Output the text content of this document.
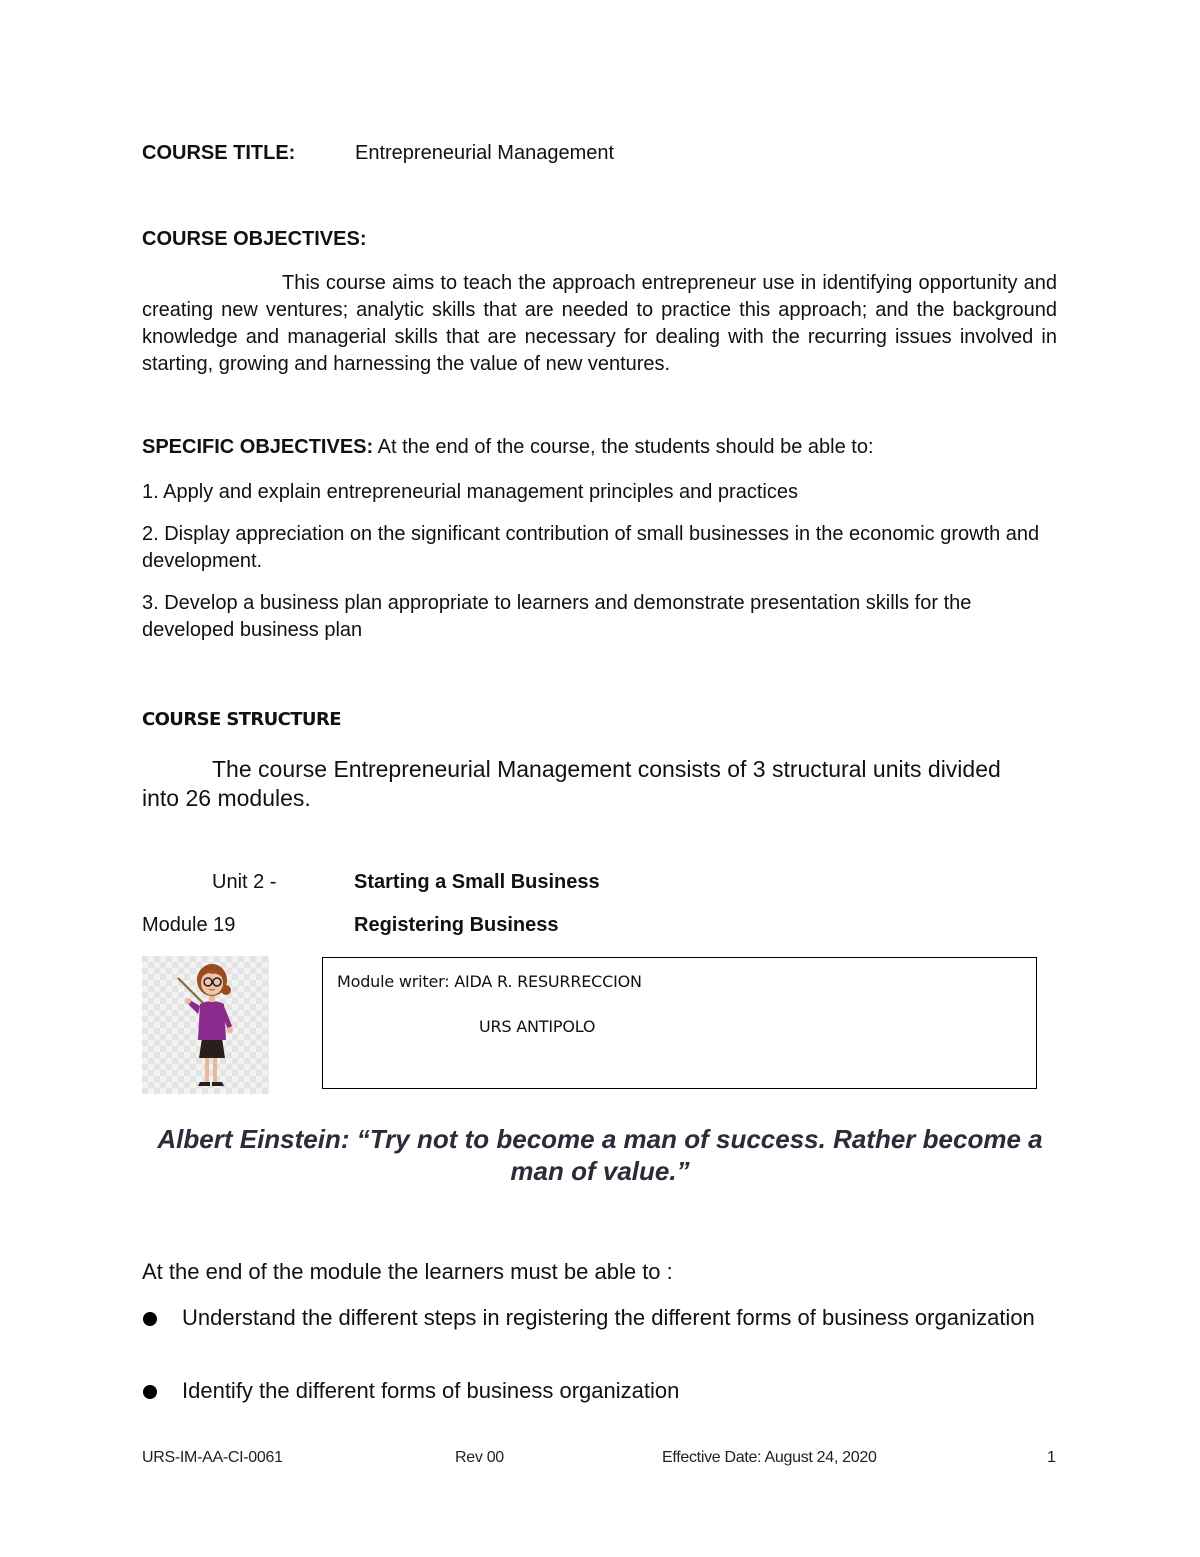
COURSE TITLE:	Entrepreneurial Management
COURSE OBJECTIVES:
This course aims to teach the approach entrepreneur use in identifying opportunity and creating new ventures; analytic skills that are needed to practice this approach; and the background knowledge and managerial skills that are necessary for dealing with the recurring issues involved in starting, growing and harnessing the value of new ventures.
SPECIFIC OBJECTIVES: At the end of the course, the students should be able to:
1. Apply and explain entrepreneurial management principles and practices
2. Display appreciation on the significant contribution of small businesses in the economic growth and development.
3. Develop a business plan appropriate to learners and demonstrate presentation skills for the developed business plan
COURSE STRUCTURE
The course Entrepreneurial Management consists of 3 structural units divided into 26 modules.
Unit 2 -	Starting a Small Business
Module 19	Registering Business
Module writer: AIDA R. RESURRECCION
URS ANTIPOLO
Albert Einstein: “Try not to become a man of success. Rather become a man of value.”
At the end of the module the learners must be able to :
Understand the different steps in registering the different forms of business organization
Identify the different forms of business organization
URS-IM-AA-CI-0061	Rev 00	Effective Date: August 24, 2020	1
